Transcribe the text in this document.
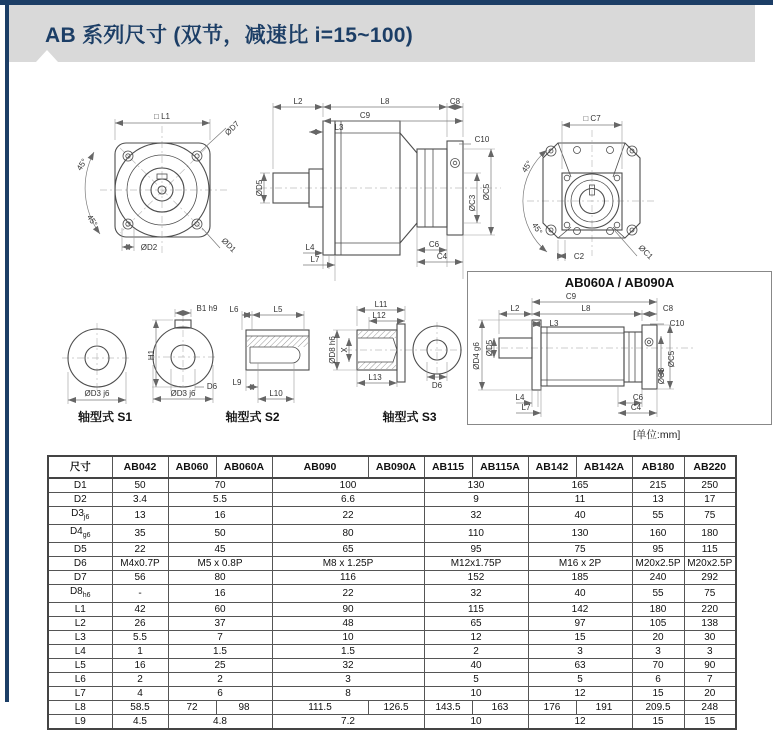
AB 系列尺寸 (双节，减速比 i=15~100)
□ L1
ØD7
45°
45°
ØD2	ØD1
L2	L8	C8
C9
L3
C10
ØD5
ØC3
ØC5
L4
L7
C6
C4
□ C7
45°
45°
C2	ØC1
ØD3 j6
轴型式 S1
B1 h9
H1
D6
ØD3 j6
L6	L5
L9
L10
轴型式 S2
L11
L12
ØD8 h6 X
L13
D6
轴型式 S3
AB060A / AB090A
C9
L2	L8	C8
L3	C10
ØD4 g6 ØD5
ØC5
ØC3
L4
L7
C6
C4
[单位:mm]
尺寸	AB042	AB060	AB060A	AB090	AB090A	AB115	AB115A	AB142	AB142A	AB180	AB220
D1	50	70		100		130		165		215	250
D2	3.4	5.5		6.6		9		11		13	17
$D3_{j6}$	13	16		22		32		40		55	75
$D4_{g6}$	35	50		80		110		130		160	180
D5	22	45		65		95		75		95	115
D6	M4x0.7P	M5 x 0.8P		M8 x 1.25P		M12x1.75P		M16 x 2P		M20x2.5P	M20x2.5P
D7	56	80		116		152		185		240	292
$D8_{h6}$	-	16		22		32		40		55	75
L1	42	60		90		115		142		180	220
L2	26	37		48		65		97		105	138
L3	5.5	7		10		12		15		20	30
L4	1	1.5		1.5		2		3		3	3
L5	16	25		32		40		63		70	90
L6	2	2		3		5		5		6	7
L7	4	6		8		10		12		15	20
L8	58.5	72	98	111.5	126.5	143.5	163	176	191	209.5	248
L9	4.5	4.8		7.2		10		12		15	15
